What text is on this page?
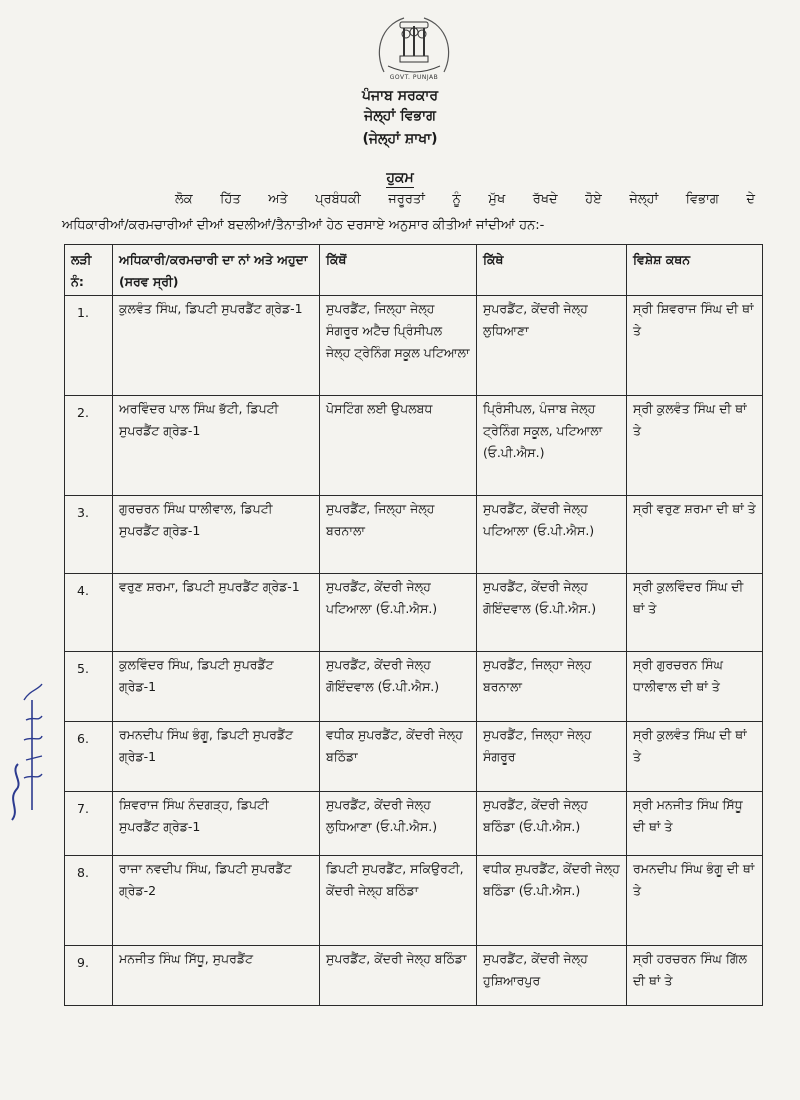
GOVT. PUNJAB
ਪੰਜਾਬ ਸਰਕਾਰ
ਜੇਲ੍ਹਾਂ ਵਿਭਾਗ
(ਜੇਲ੍ਹਾਂ ਸ਼ਾਖਾ)
ਹੁਕਮ
ਲੋਕ ਹਿੱਤ ਅਤੇ ਪ੍ਰਬੰਧਕੀ ਜਰੂਰਤਾਂ ਨੂੰ ਮੁੱਖ ਰੱਖਦੇ ਹੋਏ ਜੇਲ੍ਹਾਂ ਵਿਭਾਗ ਦੇ
ਅਧਿਕਾਰੀਆਂ/ਕਰਮਚਾਰੀਆਂ ਦੀਆਂ ਬਦਲੀਆਂ/ਤੈਨਾਤੀਆਂ ਹੇਠ ਦਰਸਾਏ ਅਨੁਸਾਰ ਕੀਤੀਆਂ ਜਾਂਦੀਆਂ ਹਨ:-
ਲੜੀ ਨੰ:	ਅਧਿਕਾਰੀ/ਕਰਮਚਾਰੀ ਦਾ ਨਾਂ ਅਤੇ ਅਹੁਦਾ (ਸਰਵ ਸ੍ਰੀ)	ਕਿੱਥੋਂ	ਕਿੱਥੇ	ਵਿਸ਼ੇਸ਼ ਕਥਨ
1.	ਕੁਲਵੰਤ ਸਿੰਘ, ਡਿਪਟੀ ਸੁਪਰਡੈਂਟ ਗ੍ਰੇਡ-1	ਸੁਪਰਡੈਂਟ, ਜਿਲ੍ਹਾ ਜੇਲ੍ਹ ਸੰਗਰੂਰ ਅਟੈਚ ਪ੍ਰਿੰਸੀਪਲ ਜੇਲ੍ਹ ਟ੍ਰੇਨਿੰਗ ਸਕੂਲ ਪਟਿਆਲਾ	ਸੁਪਰਡੈਂਟ, ਕੇਂਦਰੀ ਜੇਲ੍ਹ ਲੁਧਿਆਣਾ	ਸ੍ਰੀ ਸ਼ਿਵਰਾਜ ਸਿੰਘ ਦੀ ਥਾਂ ਤੇ
2.	ਅਰਵਿੰਦਰ ਪਾਲ ਸਿੰਘ ਭੱਟੀ, ਡਿਪਟੀ ਸੁਪਰਡੈਂਟ ਗ੍ਰੇਡ-1	ਪੋਸਟਿੰਗ ਲਈ ਉਪਲਬਧ	ਪ੍ਰਿੰਸੀਪਲ, ਪੰਜਾਬ ਜੇਲ੍ਹ ਟ੍ਰੇਨਿੰਗ ਸਕੂਲ, ਪਟਿਆਲਾ (ਓ.ਪੀ.ਐਸ.)	ਸ੍ਰੀ ਕੁਲਵੰਤ ਸਿੰਘ ਦੀ ਥਾਂ ਤੇ
3.	ਗੁਰਚਰਨ ਸਿੰਘ ਧਾਲੀਵਾਲ, ਡਿਪਟੀ ਸੁਪਰਡੈਂਟ ਗ੍ਰੇਡ-1	ਸੁਪਰਡੈਂਟ, ਜਿਲ੍ਹਾ ਜੇਲ੍ਹ ਬਰਨਾਲਾ	ਸੁਪਰਡੈਂਟ, ਕੇਂਦਰੀ ਜੇਲ੍ਹ ਪਟਿਆਲਾ (ਓ.ਪੀ.ਐਸ.)	ਸ੍ਰੀ ਵਰੁਣ ਸ਼ਰਮਾ ਦੀ ਥਾਂ ਤੇ
4.	ਵਰੁਣ ਸ਼ਰਮਾ, ਡਿਪਟੀ ਸੁਪਰਡੈਂਟ ਗ੍ਰੇਡ-1	ਸੁਪਰਡੈਂਟ, ਕੇਂਦਰੀ ਜੇਲ੍ਹ ਪਟਿਆਲਾ (ਓ.ਪੀ.ਐਸ.)	ਸੁਪਰਡੈਂਟ, ਕੇਂਦਰੀ ਜੇਲ੍ਹ ਗੋਇੰਦਵਾਲ (ਓ.ਪੀ.ਐਸ.)	ਸ੍ਰੀ ਕੁਲਵਿੰਦਰ ਸਿੰਘ ਦੀ ਥਾਂ ਤੇ
5.	ਕੁਲਵਿੰਦਰ ਸਿੰਘ, ਡਿਪਟੀ ਸੁਪਰਡੈਂਟ ਗ੍ਰੇਡ-1	ਸੁਪਰਡੈਂਟ, ਕੇਂਦਰੀ ਜੇਲ੍ਹ ਗੋਇੰਦਵਾਲ (ਓ.ਪੀ.ਐਸ.)	ਸੁਪਰਡੈਂਟ, ਜਿਲ੍ਹਾ ਜੇਲ੍ਹ ਬਰਨਾਲਾ	ਸ੍ਰੀ ਗੁਰਚਰਨ ਸਿੰਘ ਧਾਲੀਵਾਲ ਦੀ ਥਾਂ ਤੇ
6.	ਰਮਨਦੀਪ ਸਿੰਘ ਭੰਗੂ, ਡਿਪਟੀ ਸੁਪਰਡੈਂਟ ਗ੍ਰੇਡ-1	ਵਧੀਕ ਸੁਪਰਡੈਂਟ, ਕੇਂਦਰੀ ਜੇਲ੍ਹ ਬਠਿੰਡਾ	ਸੁਪਰਡੈਂਟ, ਜਿਲ੍ਹਾ ਜੇਲ੍ਹ ਸੰਗਰੂਰ	ਸ੍ਰੀ ਕੁਲਵੰਤ ਸਿੰਘ ਦੀ ਥਾਂ ਤੇ
7.	ਸ਼ਿਵਰਾਜ ਸਿੰਘ ਨੰਦਗੜ੍ਹ, ਡਿਪਟੀ ਸੁਪਰਡੈਂਟ ਗ੍ਰੇਡ-1	ਸੁਪਰਡੈਂਟ, ਕੇਂਦਰੀ ਜੇਲ੍ਹ ਲੁਧਿਆਣਾ (ਓ.ਪੀ.ਐਸ.)	ਸੁਪਰਡੈਂਟ, ਕੇਂਦਰੀ ਜੇਲ੍ਹ ਬਠਿੰਡਾ (ਓ.ਪੀ.ਐਸ.)	ਸ੍ਰੀ ਮਨਜੀਤ ਸਿੰਘ ਸਿੱਧੂ ਦੀ ਥਾਂ ਤੇ
8.	ਰਾਜਾ ਨਵਦੀਪ ਸਿੰਘ, ਡਿਪਟੀ ਸੁਪਰਡੈਂਟ ਗ੍ਰੇਡ-2	ਡਿਪਟੀ ਸੁਪਰਡੈਂਟ, ਸਕਿਉਰਟੀ, ਕੇਂਦਰੀ ਜੇਲ੍ਹ ਬਠਿੰਡਾ	ਵਧੀਕ ਸੁਪਰਡੈਂਟ, ਕੇਂਦਰੀ ਜੇਲ੍ਹ ਬਠਿੰਡਾ (ਓ.ਪੀ.ਐਸ.)	ਰਮਨਦੀਪ ਸਿੰਘ ਭੰਗੂ ਦੀ ਥਾਂ ਤੇ
9.	ਮਨਜੀਤ ਸਿੰਘ ਸਿੱਧੂ, ਸੁਪਰਡੈਂਟ	ਸੁਪਰਡੈਂਟ, ਕੇਂਦਰੀ ਜੇਲ੍ਹ ਬਠਿੰਡਾ	ਸੁਪਰਡੈਂਟ, ਕੇਂਦਰੀ ਜੇਲ੍ਹ ਹੁਸ਼ਿਆਰਪੁਰ	ਸ੍ਰੀ ਹਰਚਰਨ ਸਿੰਘ ਗਿੱਲ ਦੀ ਥਾਂ ਤੇ
